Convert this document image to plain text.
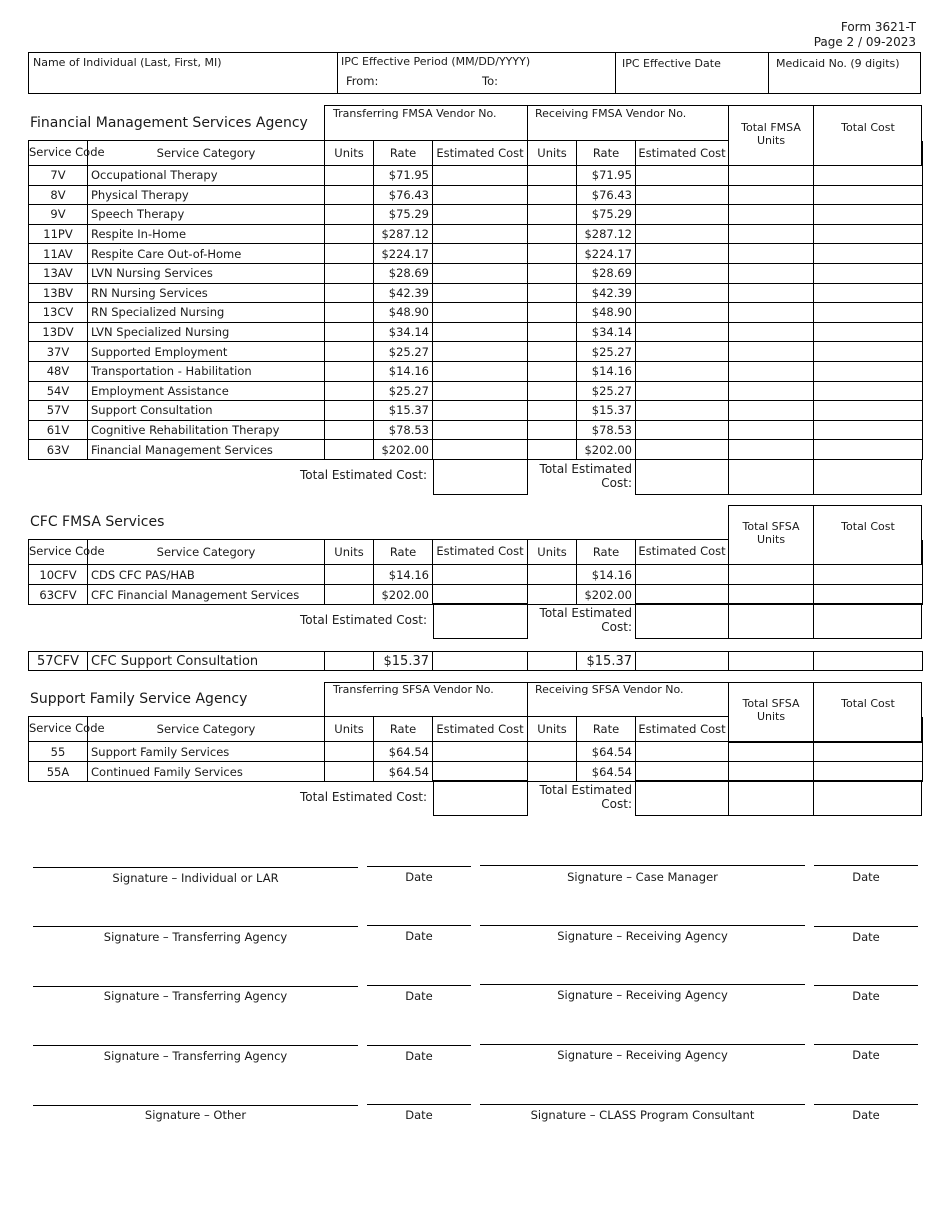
Form 3621-T
Page 2 / 09-2023
Name of Individual (Last, First, MI)	IPC Effective Period (MM/DD/YYYY)
From:	To:
IPC Effective Date	Medicaid No. (9 digits)
Financial Management Services Agency
Transferring FMSA Vendor No.	Receiving FMSA Vendor No.
Total FMSA Units
Total Cost
Service Code	Service Category	Units	Rate	Estimated Cost	Units	Rate	Estimated Cost		
7V	Occupational Therapy		$71.95			$71.95			
8V	Physical Therapy		$76.43			$76.43			
9V	Speech Therapy		$75.29			$75.29			
11PV	Respite In-Home		$287.12			$287.12			
11AV	Respite Care Out-of-Home		$224.17			$224.17			
13AV	LVN Nursing Services		$28.69			$28.69			
13BV	RN Nursing Services		$42.39			$42.39			
13CV	RN Specialized Nursing		$48.90			$48.90			
13DV	LVN Specialized Nursing		$34.14			$34.14			
37V	Supported Employment		$25.27			$25.27			
48V	Transportation - Habilitation		$14.16			$14.16			
54V	Employment Assistance		$25.27			$25.27			
57V	Support Consultation		$15.37			$15.37			
61V	Cognitive Rehabilitation Therapy		$78.53			$78.53			
63V	Financial Management Services		$202.00			$202.00			
Total Estimated Cost:	Total Estimated Cost:
CFC FMSA Services	Total SFSA Units
Total Cost
Service Code	Service Category	Units	Rate	Estimated Cost	Units	Rate	Estimated Cost		
10CFV	CDS CFC PAS/HAB		$14.16			$14.16			
63CFV	CFC Financial Management Services		$202.00			$202.00			
Total Estimated Cost:	Total Estimated Cost:
57CFV	CFC Support Consultation		$15.37			$15.37			
Support Family Service Agency
Transferring SFSA Vendor No.	Receiving SFSA Vendor No.
Total SFSA Units
Total Cost
Service Code	Service Category	Units	Rate	Estimated Cost	Units	Rate	Estimated Cost		
55	Support Family Services		$64.54			$64.54			
55A	Continued Family Services		$64.54			$64.54			
Total Estimated Cost:	Total Estimated Cost:
Signature – Individual or LAR	Date	Signature – Case Manager	Date
Signature – Transferring Agency	Date	Signature – Receiving Agency	Date
Signature – Transferring Agency	Date	Signature – Receiving Agency	Date
Signature – Transferring Agency	Date	Signature – Receiving Agency	Date
Signature – Other	Date	Signature – CLASS Program Consultant	Date
